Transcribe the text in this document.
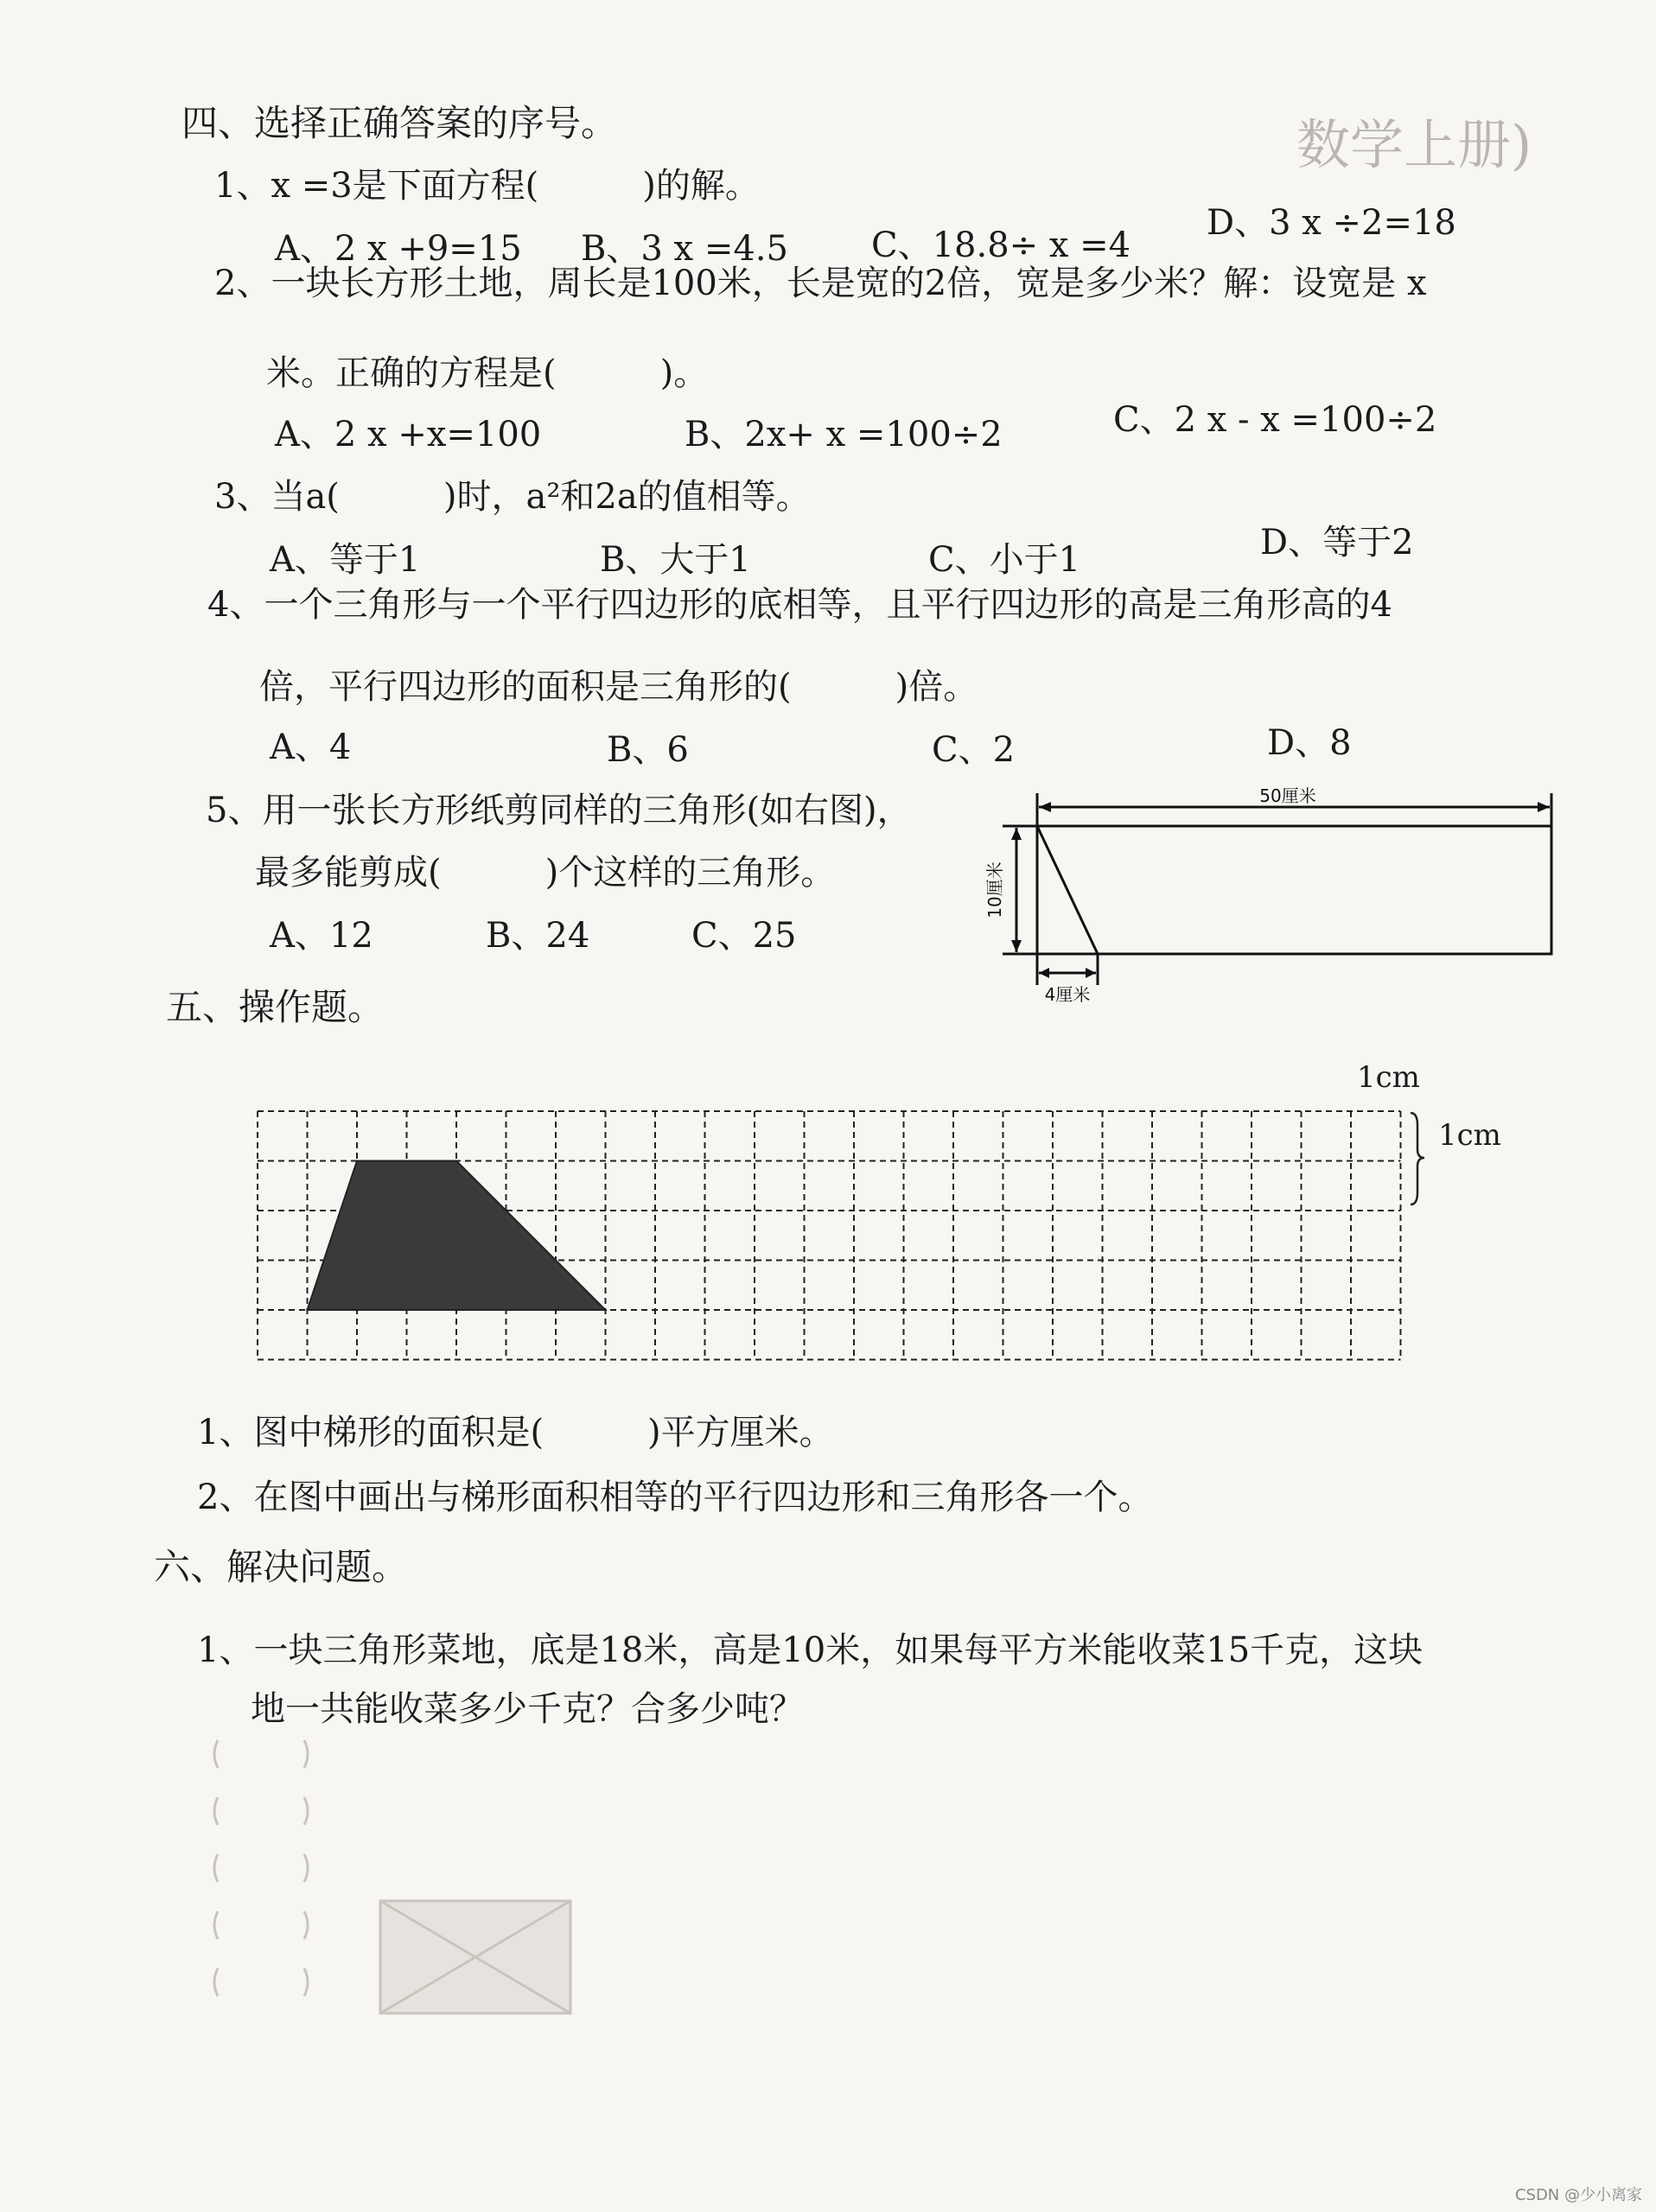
数学上册)
四、选择正确答案的序号。
1、x =3是下面方程(　　　)的解。
A、2 x +9=15 B、3 x =4.5 C、18.8÷ x =4
D、3 x ÷2=18
2、一块长方形土地，周长是100米，长是宽的2倍，宽是多少米？解：设宽是 x
米。正确的方程是(　　　)。
A、2 x +x=100	B、2x+ x =100÷2	C、2 x - x =100÷2
3、当a(　　　)时，a²和2a的值相等。
A、等于1	B、大于1	C、小于1	D、等于2
4、一个三角形与一个平行四边形的底相等，且平行四边形的高是三角形高的4
倍，平行四边形的面积是三角形的(　　　)倍。
A、4	B、6	C、2	D、8
5、用一张长方形纸剪同样的三角形(如右图)，
最多能剪成(　　　)个这样的三角形。
A、12	B、24	C、25
50厘米
10厘米
4厘米
五、操作题。
1cm
1cm
1、图中梯形的面积是(　　　)平方厘米。
2、在图中画出与梯形面积相等的平行四边形和三角形各一个。
六、解决问题。
1、一块三角形菜地，底是18米，高是10米，如果每平方米能收菜15千克，这块
地一共能收菜多少千克？合多少吨？
CSDN @少小离家
